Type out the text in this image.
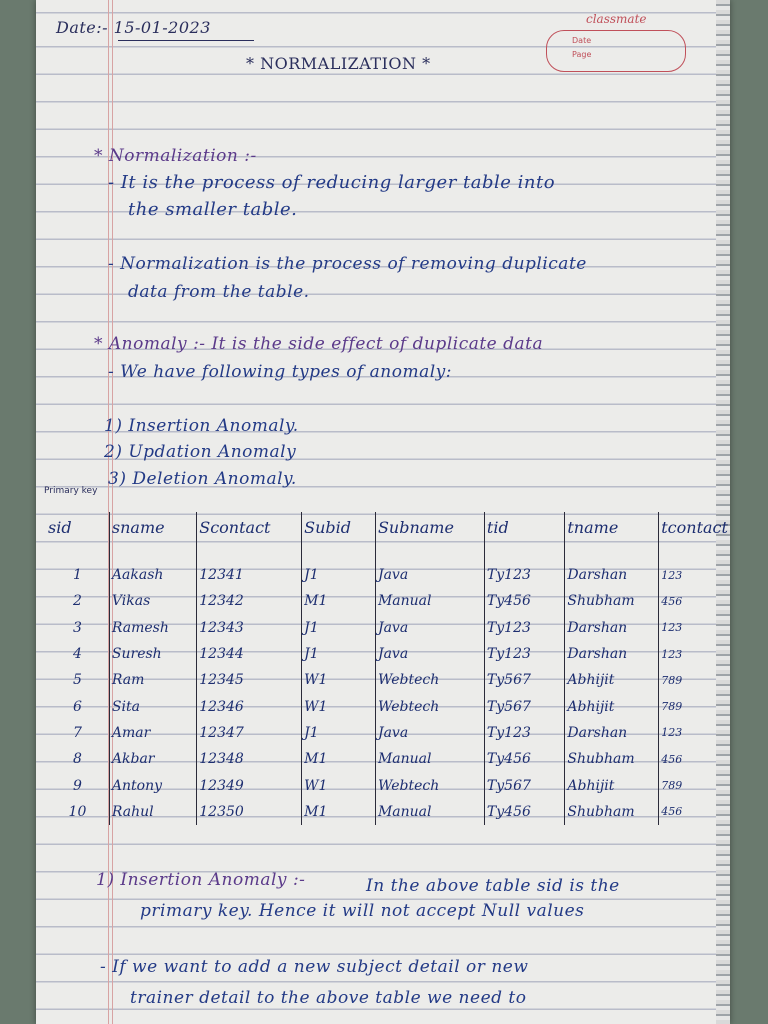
classmate
Date
Page
Date:- 15-01-2023
* NORMALIZATION *
* Normalization :-
- It is the process of reducing larger table into
the smaller table.
- Normalization is the process of removing duplicate
data from the table.
* Anomaly :- It is the side effect of duplicate data
- We have following types of anomaly:
1) Insertion Anomaly.
2) Updation Anomaly
3) Deletion Anomaly.
Primary key
sid	sname	Scontact	Subid	Subname	tid	tname	tcontact

1	Aakash	12341	J1	Java	Ty123	Darshan	123
2	Vikas	12342	M1	Manual	Ty456	Shubham	456
3	Ramesh	12343	J1	Java	Ty123	Darshan	123
4	Suresh	12344	J1	Java	Ty123	Darshan	123
5	Ram	12345	W1	Webtech	Ty567	Abhijit	789
6	Sita	12346	W1	Webtech	Ty567	Abhijit	789
7	Amar	12347	J1	Java	Ty123	Darshan	123
8	Akbar	12348	M1	Manual	Ty456	Shubham	456
9	Antony	12349	W1	Webtech	Ty567	Abhijit	789
10	Rahul	12350	M1	Manual	Ty456	Shubham	456
1) Insertion Anomaly :-	In the above table sid is the
primary key. Hence it will not accept Null values
- If we want to add a new subject detail or new
trainer detail to the above table we need to
